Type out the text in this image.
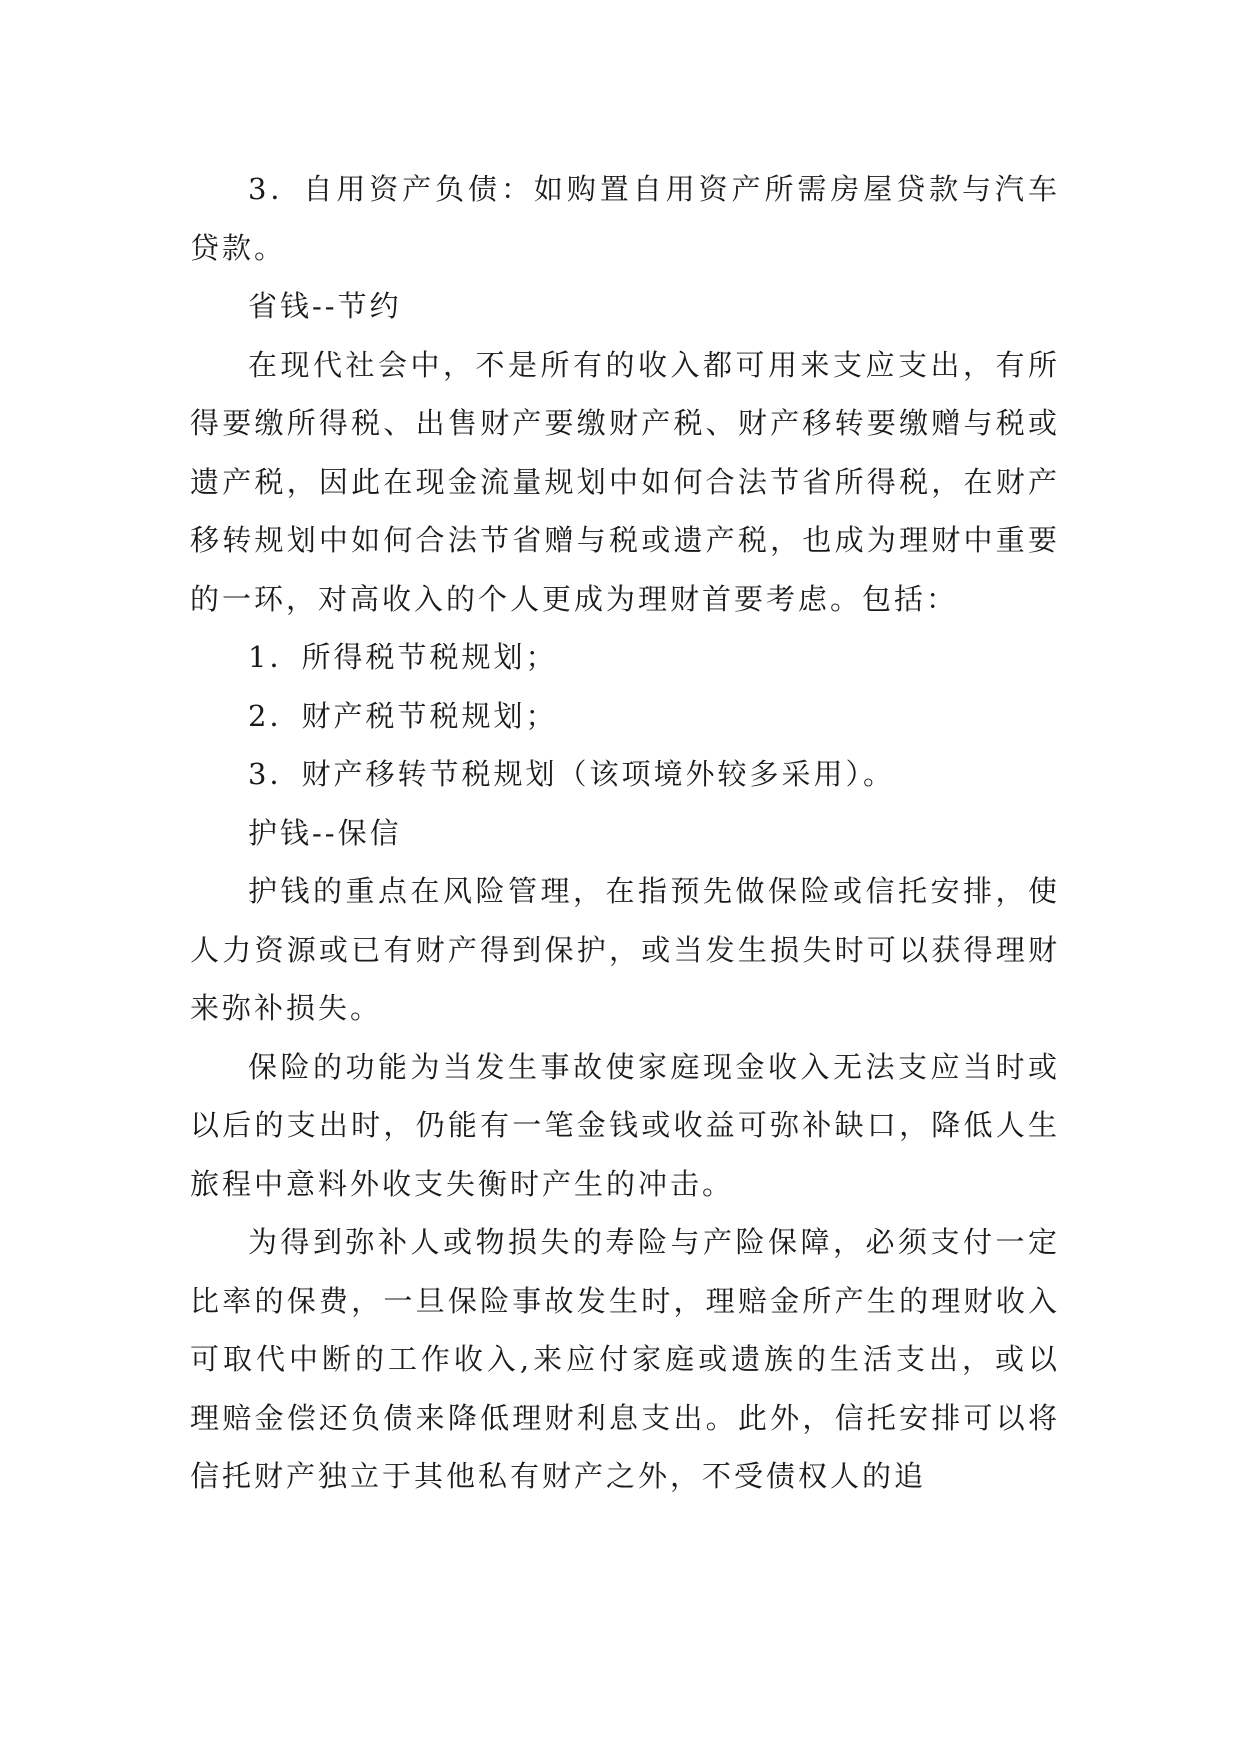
3．自用资产负债：如购置自用资产所需房屋贷款与汽车贷款。

省钱--节约

在现代社会中，不是所有的收入都可用来支应支出，有所得要缴所得税、出售财产要缴财产税、财产移转要缴赠与税或遗产税，因此在现金流量规划中如何合法节省所得税，在财产移转规划中如何合法节省赠与税或遗产税，也成为理财中重要的一环，对高收入的个人更成为理财首要考虑。包括：

1．所得税节税规划；

2．财产税节税规划；

3．财产移转节税规划（该项境外较多采用）。

护钱--保信

护钱的重点在风险管理，在指预先做保险或信托安排，使人力资源或已有财产得到保护，或当发生损失时可以获得理财来弥补损失。

保险的功能为当发生事故使家庭现金收入无法支应当时或以后的支出时，仍能有一笔金钱或收益可弥补缺口，降低人生旅程中意料外收支失衡时产生的冲击。

为得到弥补人或物损失的寿险与产险保障，必须支付一定比率的保费，一旦保险事故发生时，理赔金所产生的理财收入可取代中断的工作收入,来应付家庭或遗族的生活支出，或以理赔金偿还负债来降低理财利息支出。此外，信托安排可以将信托财产独立于其他私有财产之外，不受债权人的追
